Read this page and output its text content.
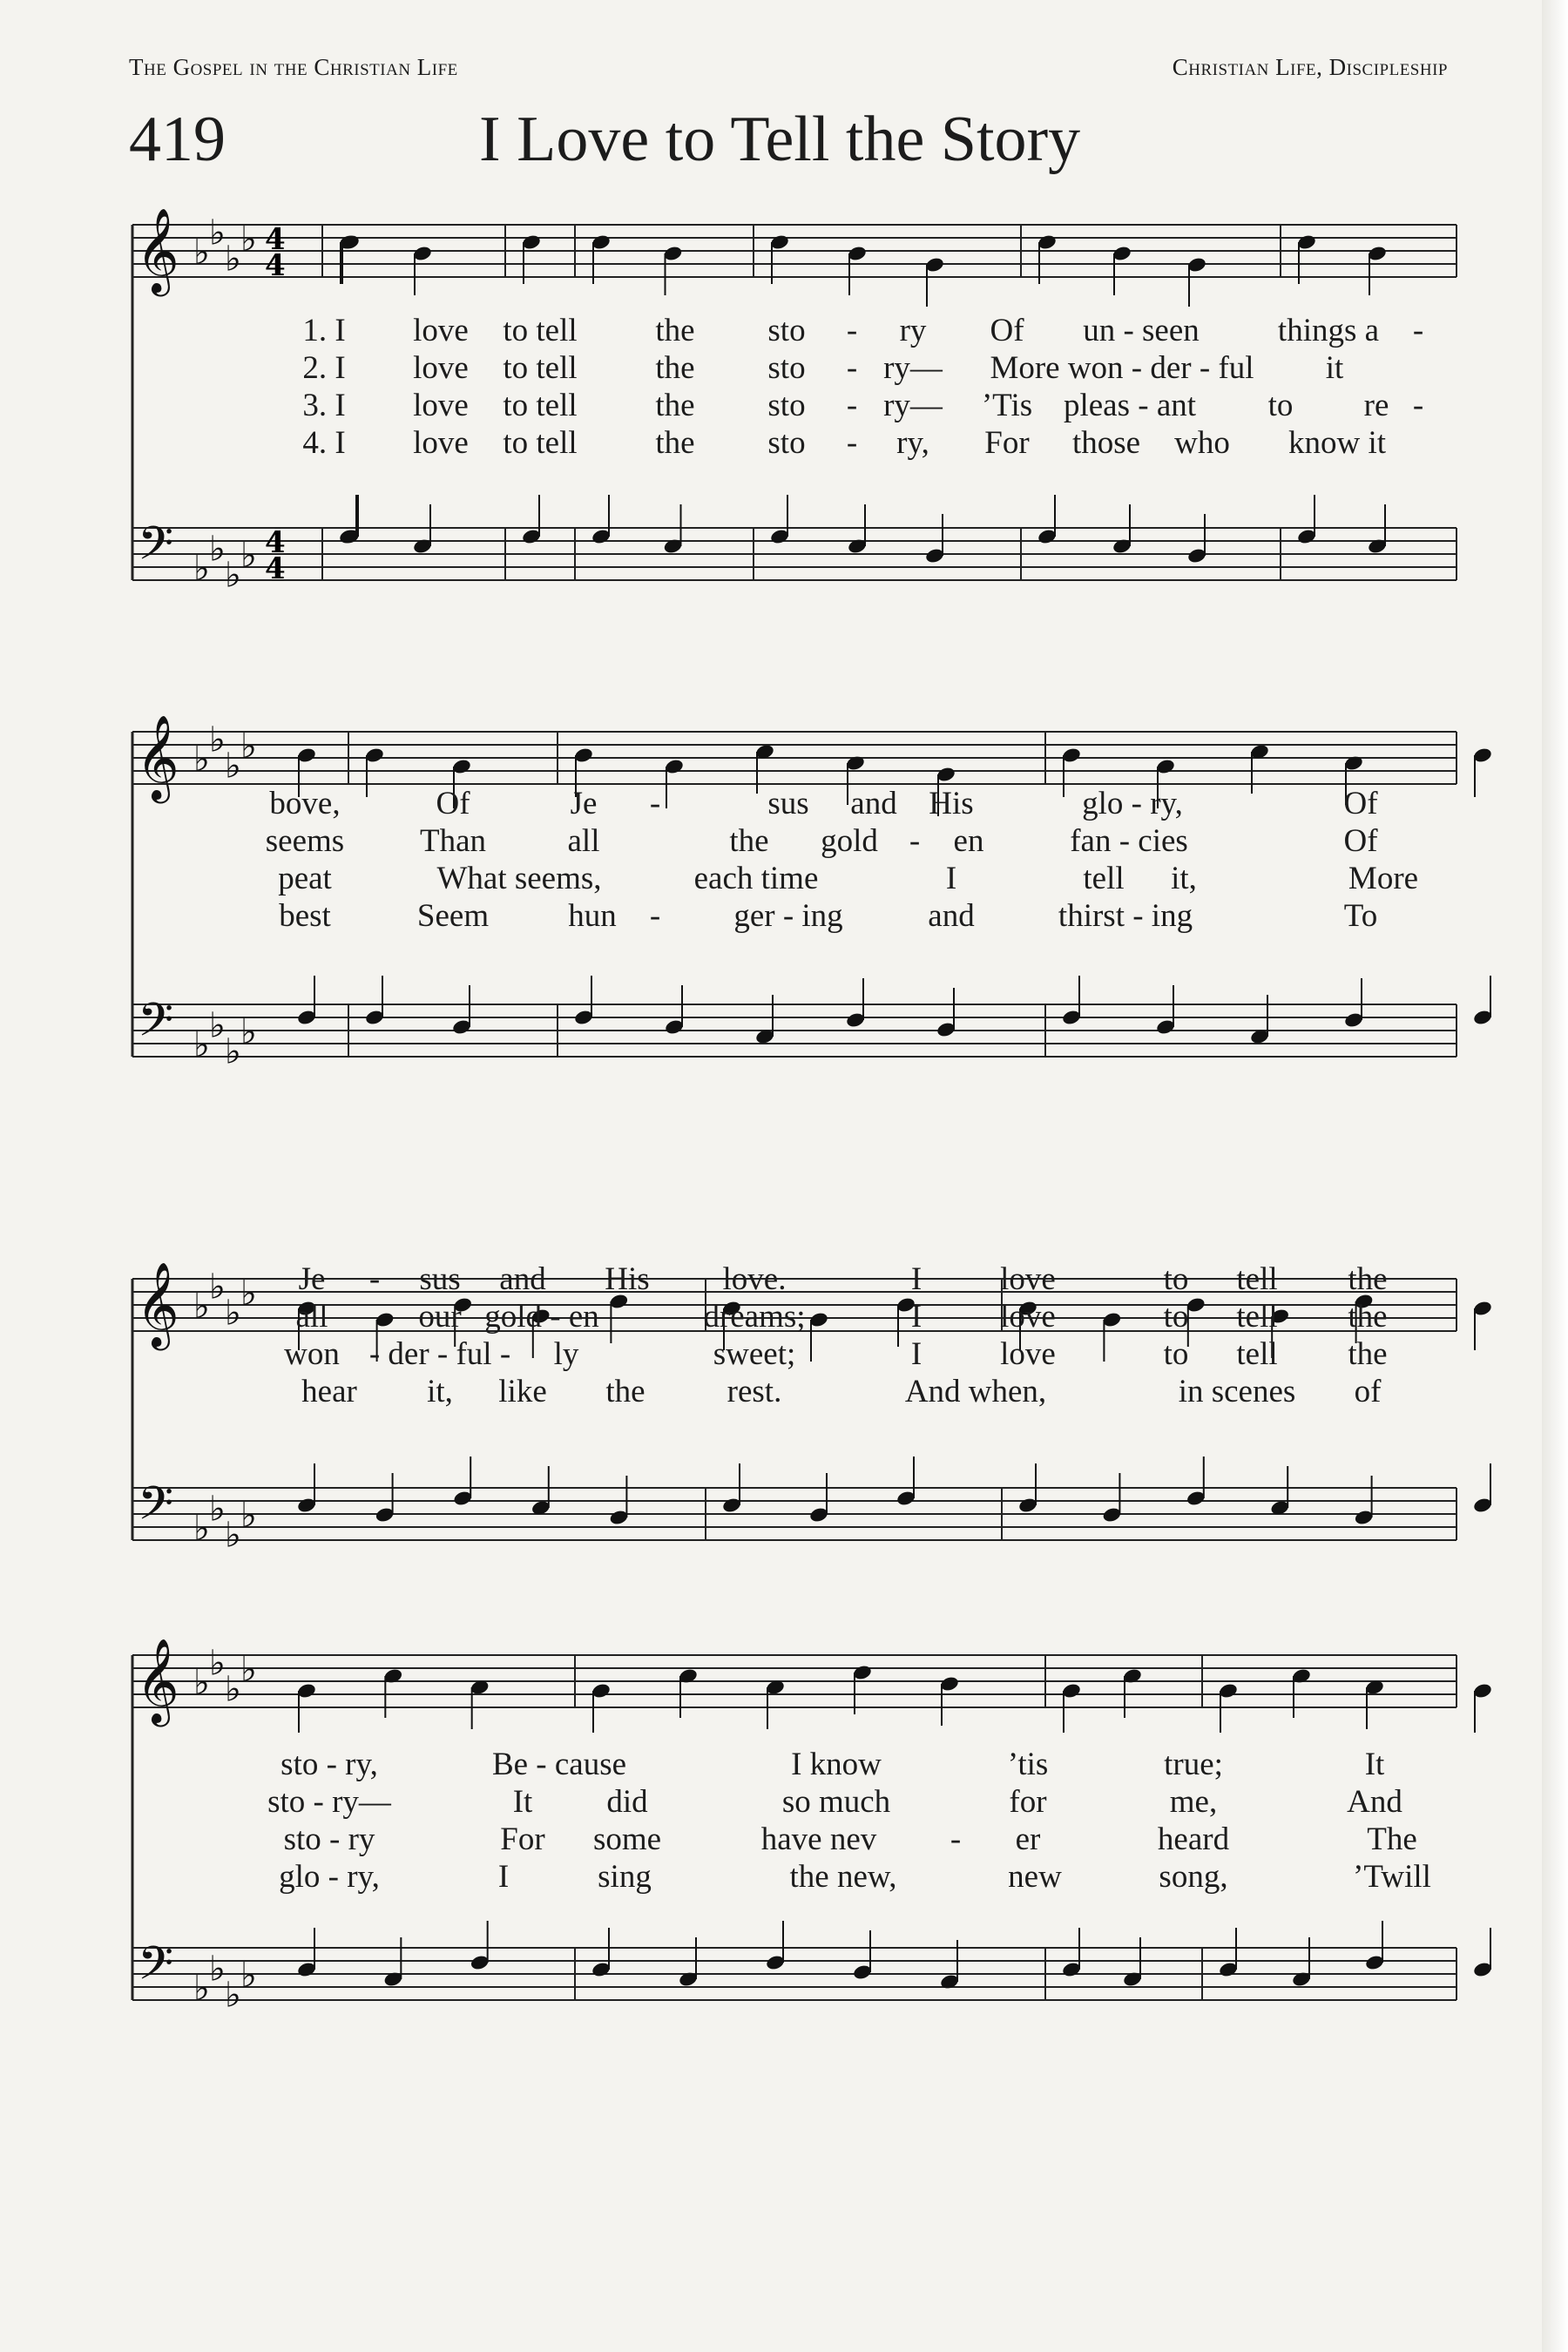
The Gospel in the Christian Life	Christian Life, Discipleship
419	I Love to Tell the Story
𝄞
𝄢
♭
♭
♭
♭
♭
♭
♭
♭
4
4
4
4
𝄞
𝄢
♭
♭
♭
♭
♭
♭
♭
♭
𝄞
𝄢
♭
♭
♭
♭
♭
♭
♭
♭
𝄞
𝄢
♭
♭
♭
♭
♭
♭
♭
♭
1. I love to tell the sto - ry Of un - seen things a -
2. I love to tell the sto - ry— More won - der - ful it
3. I love to tell the sto - ry— ’Tis pleas - ant to re -
4. I love to tell the sto - ry, For those who know it
bove,	Of	Je -	sus and His	glo - ry,	Of
seems Than	all	the gold - en	fan - cies	Of
peat	What seems,	each time	I	tell it,	More
best	Seem hun - ger - ing	and	thirst - ing	To
Je - sus and His love.	I love	to tell the
all	our gold - en	dreams;	I love	to tell the
won - der - ful - ly	sweet;	I love	to tell the
hear it, like the	rest.	And when,	in scenes of
sto - ry,	Be - cause	I know	’tis	true;	It
sto - ry—	It did	so much	for	me,	And
sto - ry	For some	have nev - er	heard	The
glo - ry,	I	sing	the new,	new	song,	’Twill
